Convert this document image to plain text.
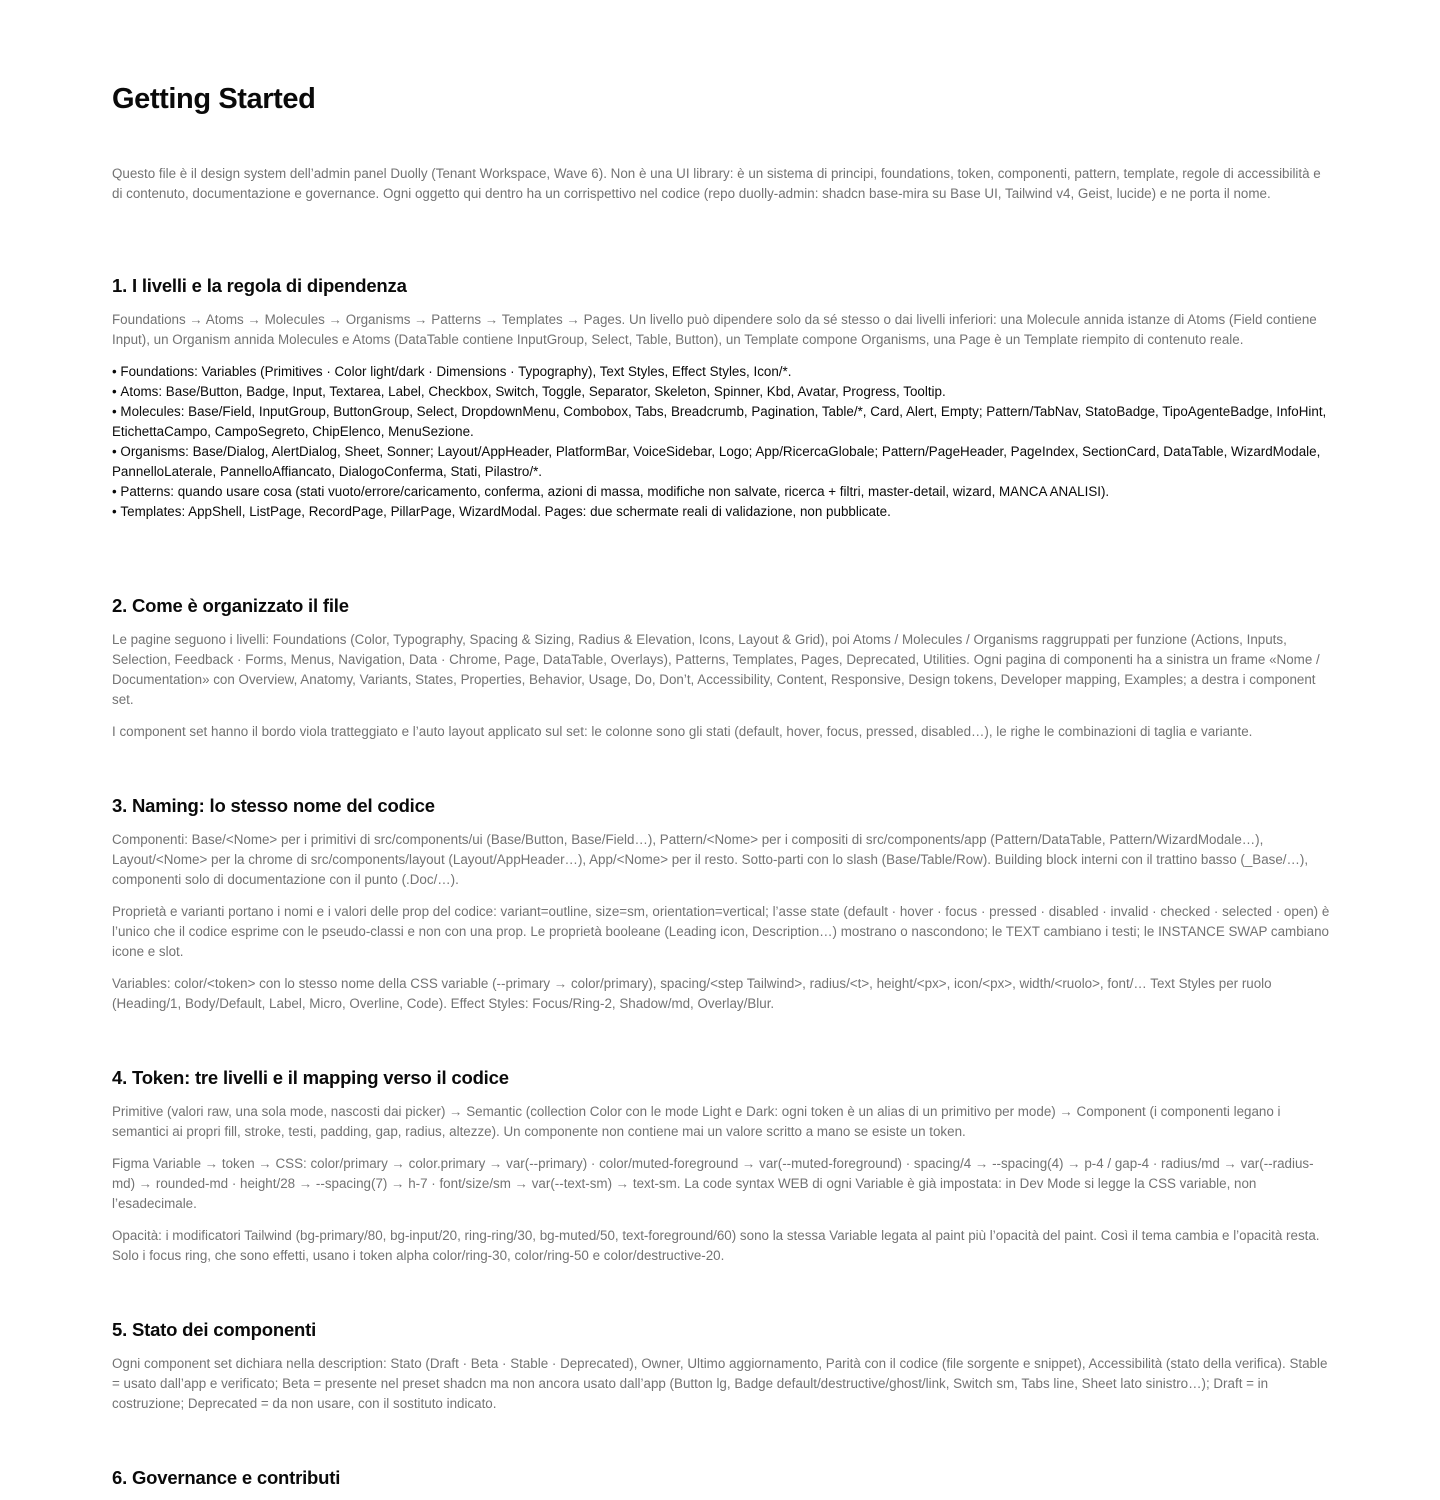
Getting Started

Questo file è il design system dell’admin panel Duolly (Tenant Workspace, Wave 6). Non è una UI library: è un sistema di principi, foundations, token, componenti, pattern, template, regole di accessibilità e di contenuto, documentazione e governance. Ogni oggetto qui dentro ha un corrispettivo nel codice (repo duolly-admin: shadcn base-mira su Base UI, Tailwind v4, Geist, lucide) e ne porta il nome.

1. I livelli e la regola di dipendenza

Foundations → Atoms → Molecules → Organisms → Patterns → Templates → Pages. Un livello può dipendere solo da sé stesso o dai livelli inferiori: una Molecule annida istanze di Atoms (Field contiene Input), un Organism annida Molecules e Atoms (DataTable contiene InputGroup, Select, Table, Button), un Template compone Organisms, una Page è un Template riempito di contenuto reale.

• Foundations: Variables (Primitives · Color light/dark · Dimensions · Typography), Text Styles, Effect Styles, Icon/*.
• Atoms: Base/Button, Badge, Input, Textarea, Label, Checkbox, Switch, Toggle, Separator, Skeleton, Spinner, Kbd, Avatar, Progress, Tooltip.
• Molecules: Base/Field, InputGroup, ButtonGroup, Select, DropdownMenu, Combobox, Tabs, Breadcrumb, Pagination, Table/*, Card, Alert, Empty; Pattern/TabNav, StatoBadge, TipoAgenteBadge, InfoHint, EtichettaCampo, CampoSegreto, ChipElenco, MenuSezione.
• Organisms: Base/Dialog, AlertDialog, Sheet, Sonner; Layout/AppHeader, PlatformBar, VoiceSidebar, Logo; App/RicercaGlobale; Pattern/PageHeader, PageIndex, SectionCard, DataTable, WizardModale, PannelloLaterale, PannelloAffiancato, DialogoConferma, Stati, Pilastro/*.
• Patterns: quando usare cosa (stati vuoto/errore/caricamento, conferma, azioni di massa, modifiche non salvate, ricerca + filtri, master-detail, wizard, MANCA ANALISI).
• Templates: AppShell, ListPage, RecordPage, PillarPage, WizardModal. Pages: due schermate reali di validazione, non pubblicate.
2. Come è organizzato il file

Le pagine seguono i livelli: Foundations (Color, Typography, Spacing & Sizing, Radius & Elevation, Icons, Layout & Grid), poi Atoms / Molecules / Organisms raggruppati per funzione (Actions, Inputs, Selection, Feedback · Forms, Menus, Navigation, Data · Chrome, Page, DataTable, Overlays), Patterns, Templates, Pages, Deprecated, Utilities. Ogni pagina di componenti ha a sinistra un frame «Nome / Documentation» con Overview, Anatomy, Variants, States, Properties, Behavior, Usage, Do, Don’t, Accessibility, Content, Responsive, Design tokens, Developer mapping, Examples; a destra i component set.

I component set hanno il bordo viola tratteggiato e l’auto layout applicato sul set: le colonne sono gli stati (default, hover, focus, pressed, disabled…), le righe le combinazioni di taglia e variante.

3. Naming: lo stesso nome del codice

Componenti: Base/<Nome> per i primitivi di src/components/ui (Base/Button, Base/Field…), Pattern/<Nome> per i compositi di src/components/app (Pattern/DataTable, Pattern/WizardModale…), Layout/<Nome> per la chrome di src/components/layout (Layout/AppHeader…), App/<Nome> per il resto. Sotto-parti con lo slash (Base/Table/Row). Building block interni con il trattino basso (_Base/…), componenti solo di documentazione con il punto (.Doc/…).

Proprietà e varianti portano i nomi e i valori delle prop del codice: variant=outline, size=sm, orientation=vertical; l’asse state (default · hover · focus · pressed · disabled · invalid · checked · selected · open) è l’unico che il codice esprime con le pseudo-classi e non con una prop. Le proprietà booleane (Leading icon, Description…) mostrano o nascondono; le TEXT cambiano i testi; le INSTANCE SWAP cambiano icone e slot.

Variables: color/<token> con lo stesso nome della CSS variable (--primary → color/primary), spacing/<step Tailwind>, radius/<t>, height/<px>, icon/<px>, width/<ruolo>, font/… Text Styles per ruolo (Heading/1, Body/Default, Label, Micro, Overline, Code). Effect Styles: Focus/Ring-2, Shadow/md, Overlay/Blur.

4. Token: tre livelli e il mapping verso il codice

Primitive (valori raw, una sola mode, nascosti dai picker) → Semantic (collection Color con le mode Light e Dark: ogni token è un alias di un primitivo per mode) → Component (i componenti legano i semantici ai propri fill, stroke, testi, padding, gap, radius, altezze). Un componente non contiene mai un valore scritto a mano se esiste un token.

Figma Variable → token → CSS: color/primary → color.primary → var(--primary) · color/muted-foreground → var(--muted-foreground) · spacing/4 → --spacing(4) → p-4 / gap-4 · radius/md → var(--radius-md) → rounded-md · height/28 → --spacing(7) → h-7 · font/size/sm → var(--text-sm) → text-sm. La code syntax WEB di ogni Variable è già impostata: in Dev Mode si legge la CSS variable, non l’esadecimale.

Opacità: i modificatori Tailwind (bg-primary/80, bg-input/20, ring-ring/30, bg-muted/50, text-foreground/60) sono la stessa Variable legata al paint più l’opacità del paint. Così il tema cambia e l’opacità resta. Solo i focus ring, che sono effetti, usano i token alpha color/ring-30, color/ring-50 e color/destructive-20.

5. Stato dei componenti

Ogni component set dichiara nella description: Stato (Draft · Beta · Stable · Deprecated), Owner, Ultimo aggiornamento, Parità con il codice (file sorgente e snippet), Accessibilità (stato della verifica). Stable = usato dall’app e verificato; Beta = presente nel preset shadcn ma non ancora usato dall’app (Button lg, Badge default/destructive/ghost/link, Switch sm, Tabs line, Sheet lato sinistro…); Draft = in costruzione; Deprecated = da non usare, con il sostituto indicato.

6. Governance e contributi
